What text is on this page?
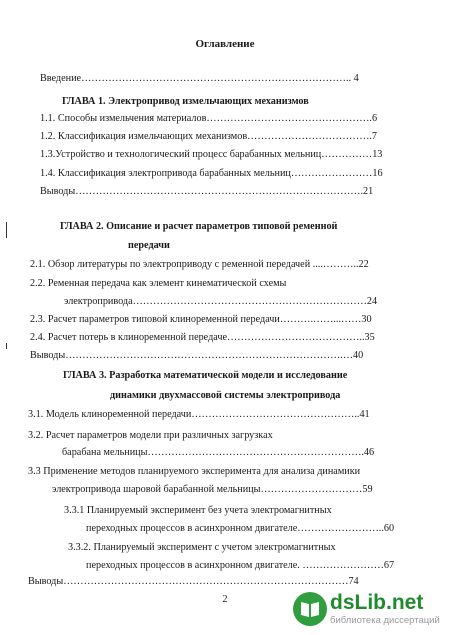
Оглавление
Введение…………………………………………………………………….. 4
ГЛАВА 1. Электропривод измельчающих механизмов
1.1. Способы измельчения материалов………………………………………….6
1.2. Классификация измельчающих механизмов……………………………….7
1.3.Устройство и технологический процесс барабанных мельниц……………13
1.4. Классификация электропривода барабанных мельниц……………………16
Выводы………………………………………………………………………….21
ГЛАВА 2. Описание и расчет параметров типовой ременной
передачи
2.1. Обзор литературы по электроприводу с ременной передачей ....………..22
2.2. Ременная передача как элемент кинематической схемы
электропривода……………………………………………………………24
2.3. Расчет параметров типовой клиноременной передачи……….……...……30
2.4. Расчет потерь в клиноременной передаче…………………………………..35
Выводы……………………………………………………………………….…40
ГЛАВА 3. Разработка математической модели и исследование
динамики двухмассовой системы электропривода
3.1. Модель клиноременной передачи…………………………………………..41
3.2. Расчет параметров модели при различных загрузках
барабана мельницы……………………………………………………….46
3.3 Применение методов планируемого эксперимента для анализа динамики
электропривода шаровой барабанной мельницы…………………………59
3.3.1 Планируемый эксперимент без учета электромагнитных
переходных процессов в асинхронном двигателе……………………..60
3.3.2. Планируемый эксперимент с учетом электромагнитных
переходных процессов в асинхронном двигателе. ……………………67
Выводы…………………………………………………………………………74
2	dsLib.net
библиотека диссертаций
